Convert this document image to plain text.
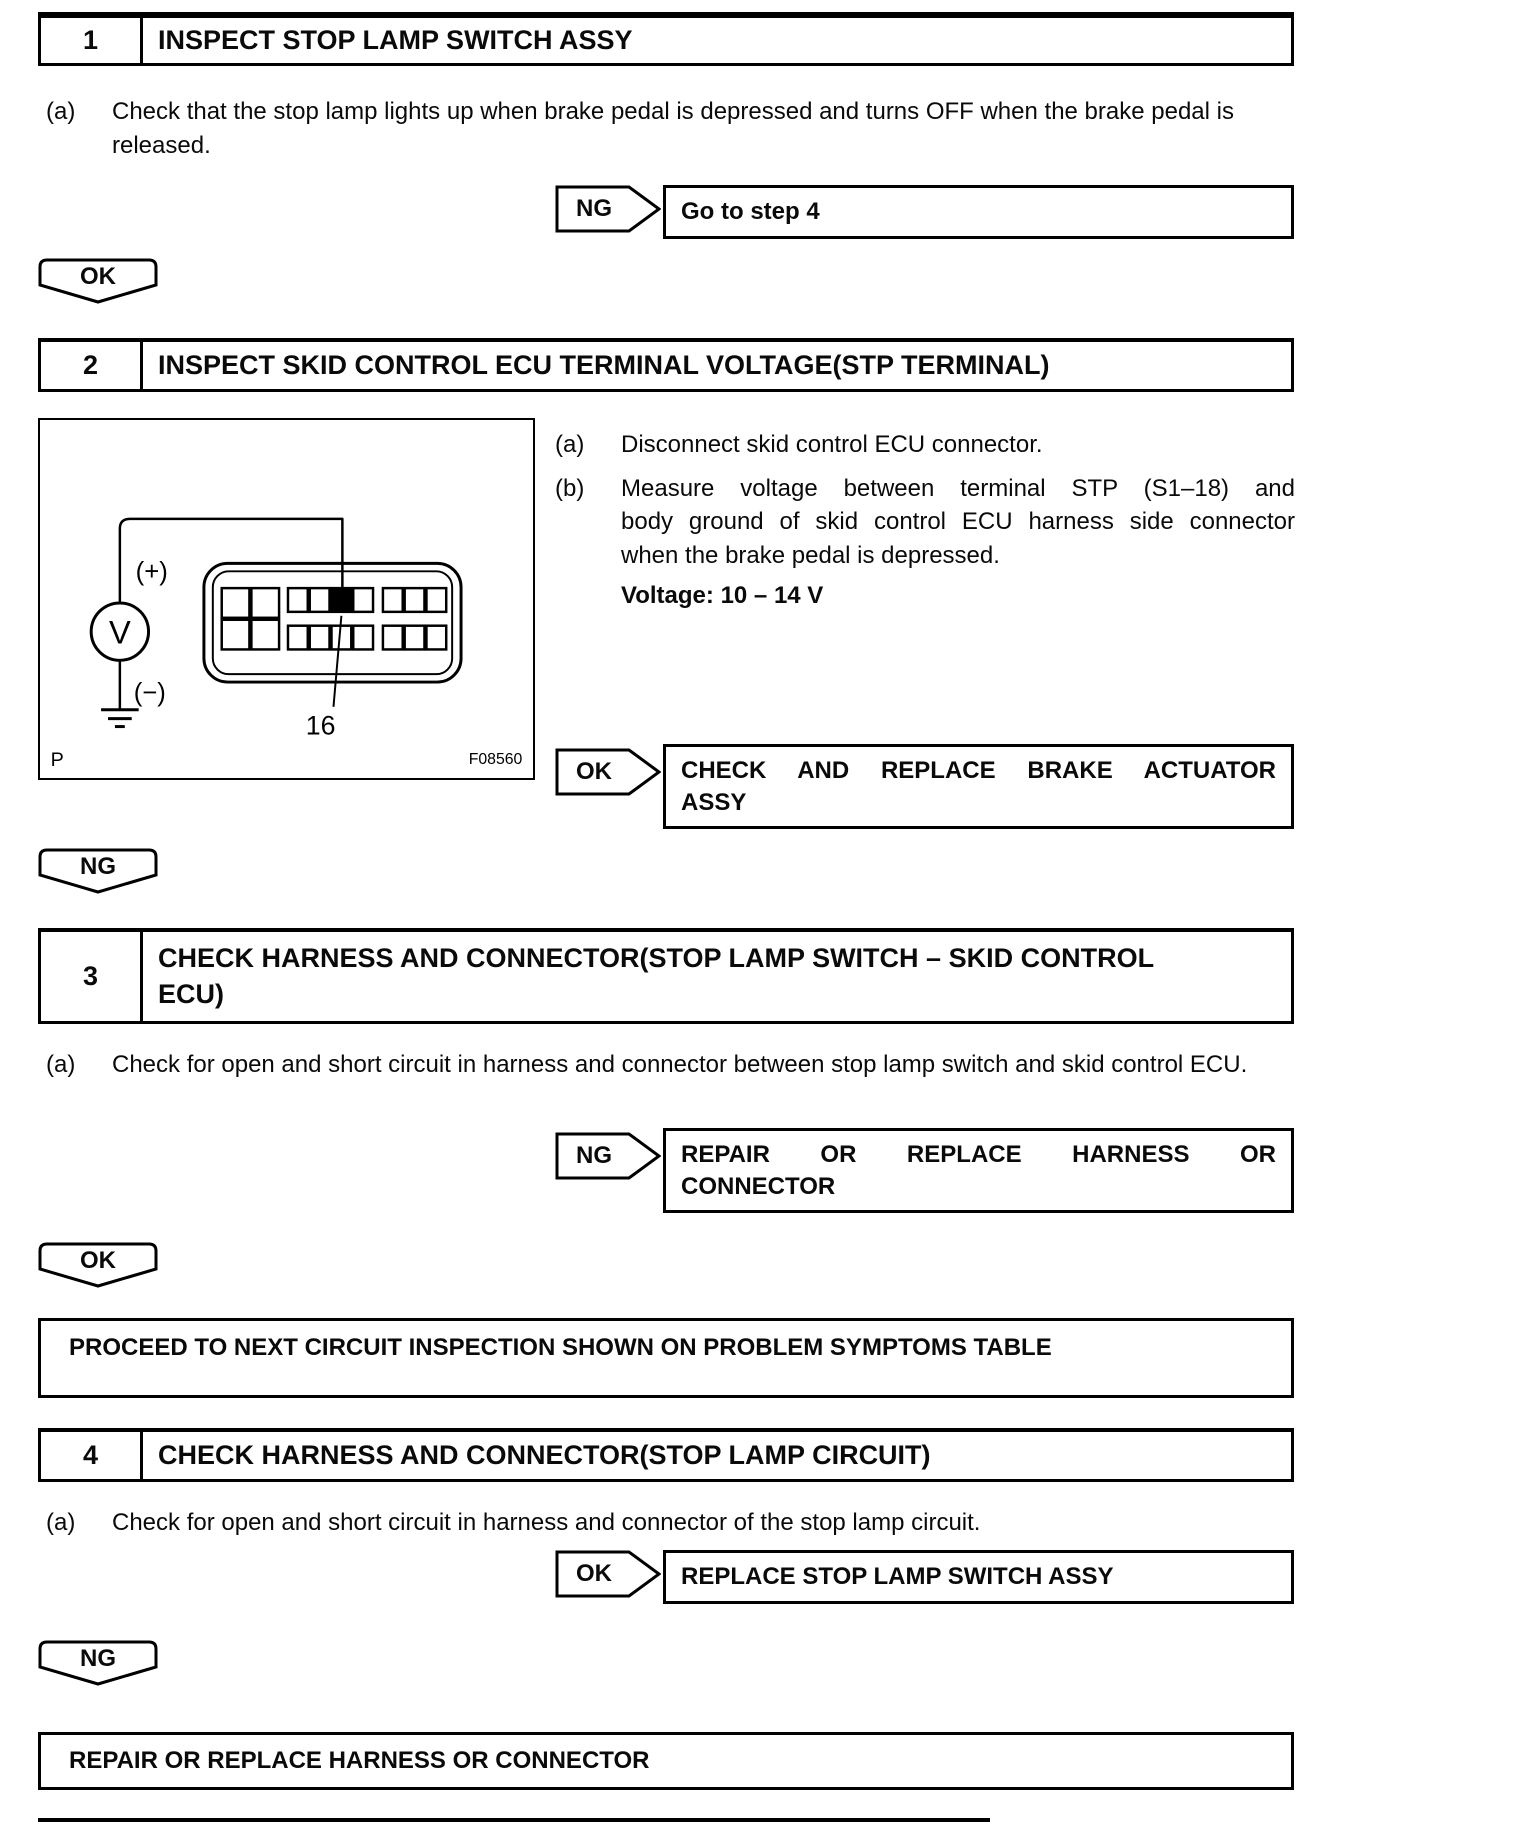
1	INSPECT STOP LAMP SWITCH ASSY
(a) Check that the stop lamp lights up when brake pedal is depressed and turns OFF when the brake pedal is released.
NG	Go to step 4
OK
2	INSPECT SKID CONTROL ECU TERMINAL VOLTAGE(STP TERMINAL)
(+)
V
(−)
16
P	F08560
(a) Disconnect skid control ECU connector.
(b) Measure voltage between terminal STP (S1–18) and
body ground of skid control ECU harness side connector
when the brake pedal is depressed.
Voltage: 10 – 14 V
OK	CHECK AND REPLACE BRAKE ACTUATOR
ASSY
NG
3
CHECK HARNESS AND CONNECTOR(STOP LAMP SWITCH – SKID CONTROL
ECU)
(a) Check for open and short circuit in harness and connector between stop lamp switch and skid control ECU.
NG	REPAIR OR REPLACE HARNESS OR
CONNECTOR
OK
PROCEED TO NEXT CIRCUIT INSPECTION SHOWN ON PROBLEM SYMPTOMS TABLE
4	CHECK HARNESS AND CONNECTOR(STOP LAMP CIRCUIT)
(a) Check for open and short circuit in harness and connector of the stop lamp circuit.
OK	REPLACE STOP LAMP SWITCH ASSY
NG
REPAIR OR REPLACE HARNESS OR CONNECTOR
